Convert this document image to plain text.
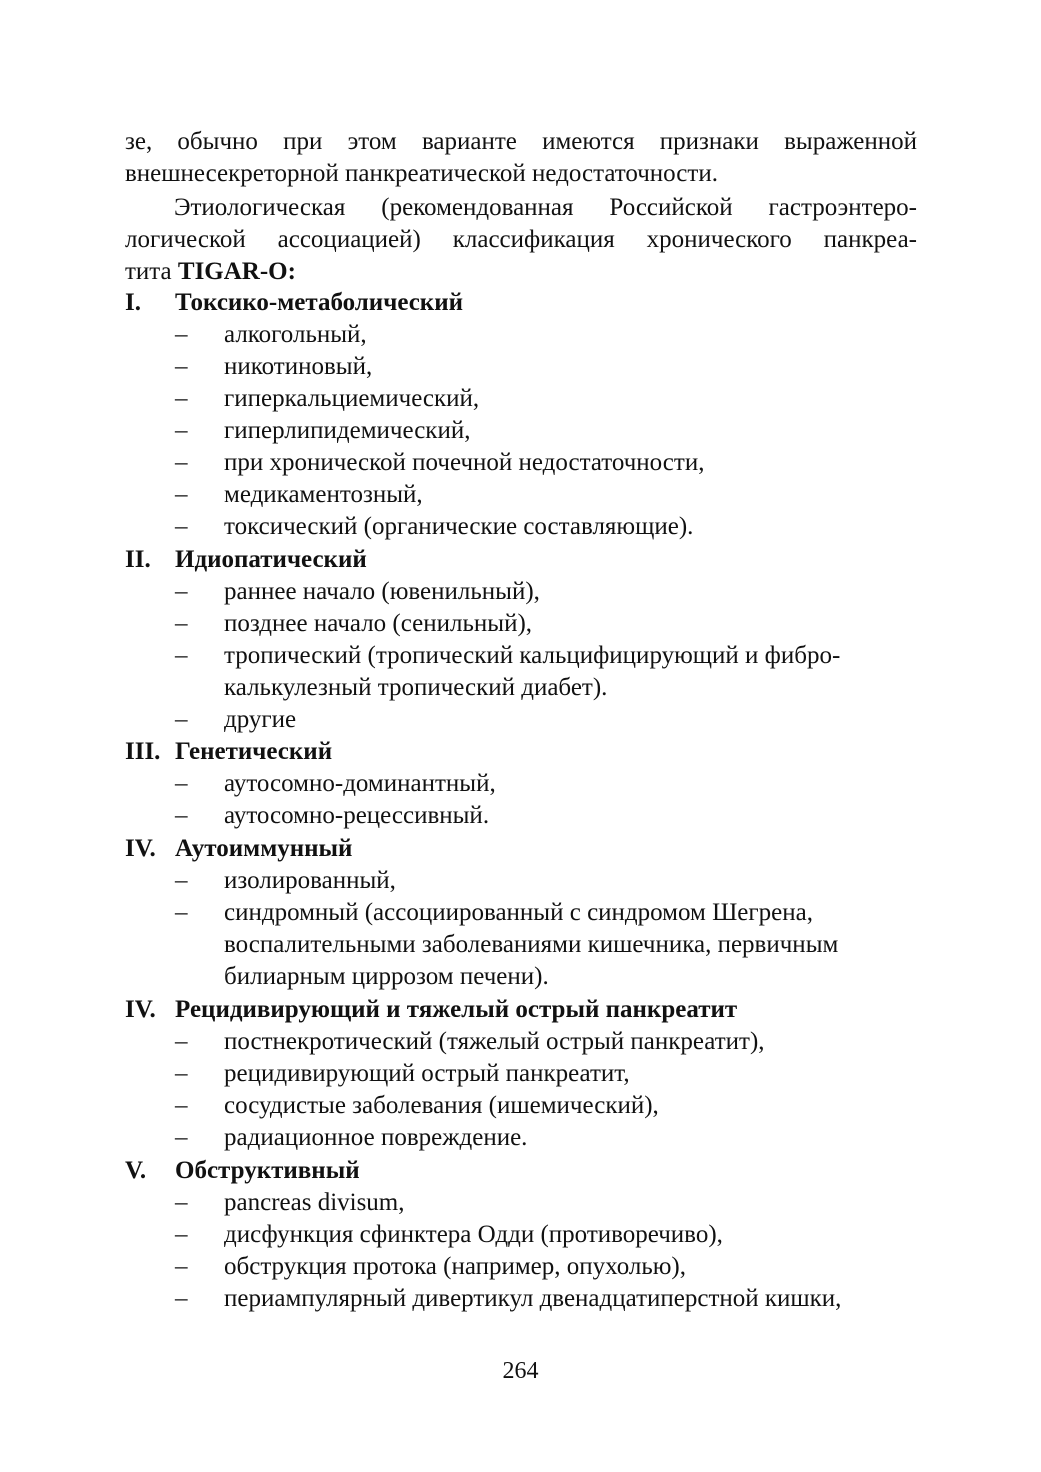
зе, обычно при этом варианте имеются признаки выраженной
внешнесекреторной панкреатической недостаточности.
Этиологическая (рекомендованная Российской гастроэнтеро-
логической ассоциацией) классификация хронического панкреа-
тита TIGAR-O:
I. Токсико-метаболический
–	алкогольный,
–	никотиновый,
–	гиперкальциемический,
–	гиперлипидемический,
–	при хронической почечной недостаточности,
–	медикаментозный,
–	токсический (органические составляющие).
II. Идиопатический
–	раннее начало (ювенильный),
–	позднее начало (сенильный),
–	тропический (тропический кальцифицирующий и фибро-
калькулезный тропический диабет).
–	другие
III. Генетический
–	аутосомно-доминантный,
–	аутосомно-рецессивный.
IV. Аутоиммунный
–	изолированный,
–	синдромный (ассоциированный с синдромом Шегрена,
воспалительными заболеваниями кишечника, первичным
билиарным циррозом печени).
IV. Рецидивирующий и тяжелый острый панкреатит
–	постнекротический (тяжелый острый панкреатит),
–	рецидивирующий острый панкреатит,
–	сосудистые заболевания (ишемический),
–	радиационное повреждение.
V. Обструктивный
–	pancreas divisum,
–	дисфункция сфинктера Одди (противоречиво),
–	обструкция протока (например, опухолью),
–	периампулярный дивертикул двенадцатиперстной кишки,
264
